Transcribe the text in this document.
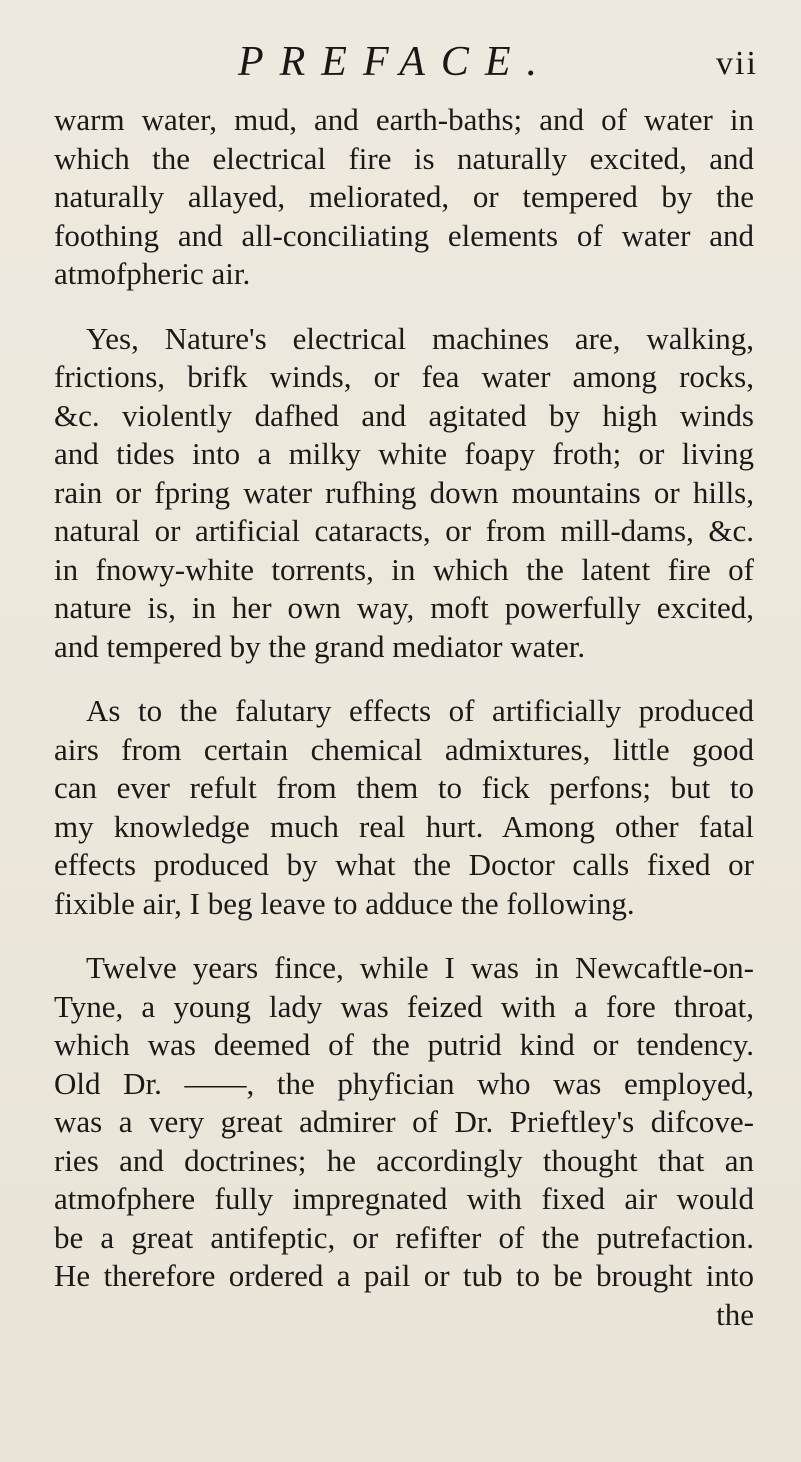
PREFACE.	vii

warm water, mud, and earth-baths; and of water in
which the electrical fire is naturally excited, and
naturally allayed, meliorated, or tempered by the
foothing and all-conciliating elements of water and
atmofpheric air.

Yes, Nature's electrical machines are, walking,
frictions, brifk winds, or fea water among rocks,
&c. violently dafhed and agitated by high winds
and tides into a milky white foapy froth; or living
rain or fpring water rufhing down mountains or hills,
natural or artificial cataracts, or from mill-dams, &c.
in fnowy-white torrents, in which the latent fire of
nature is, in her own way, moft powerfully excited,
and tempered by the grand mediator water.

As to the falutary effects of artificially produced
airs from certain chemical admixtures, little good
can ever refult from them to fick perfons; but to
my knowledge much real hurt. Among other fatal
effects produced by what the Doctor calls fixed or
fixible air, I beg leave to adduce the following.

Twelve years fince, while I was in Newcaftle-on-
Tyne, a young lady was feized with a fore throat,
which was deemed of the putrid kind or tendency.
Old Dr. ——, the phyfician who was employed,
was a very great admirer of Dr. Prieftley's difcove-
ries and doctrines; he accordingly thought that an
atmofphere fully impregnated with fixed air would
be a great antifeptic, or refifter of the putrefaction.
He therefore ordered a pail or tub to be brought into
the
